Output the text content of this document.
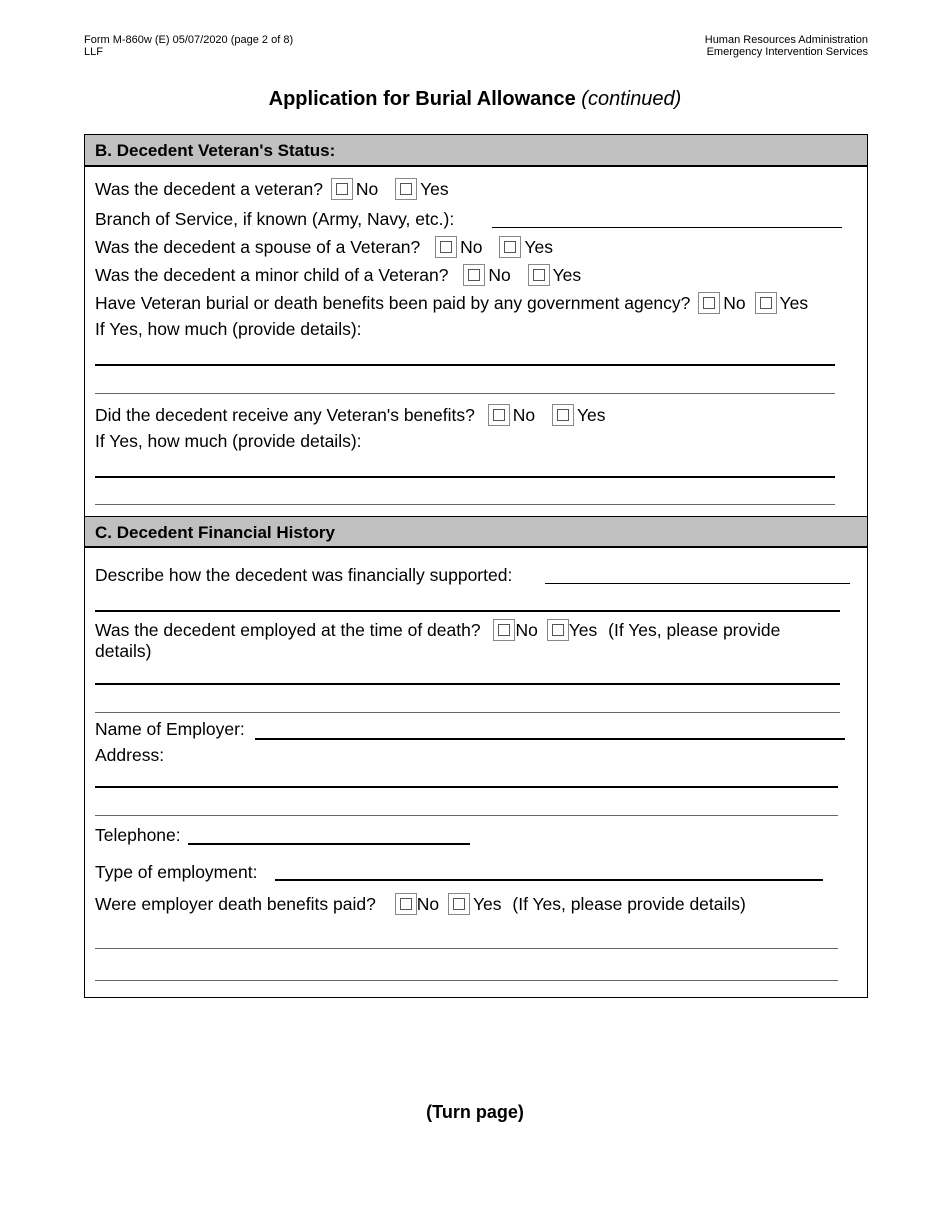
Form M-860w (E) 05/07/2020 (page 2 of 8)
LLF
Human Resources Administration
Emergency Intervention Services
Application for Burial Allowance (continued)
B. Decedent Veteran's Status:
Was the decedent a veteran? No Yes
Branch of Service, if known (Army, Navy, etc.):
Was the decedent a spouse of a Veteran? No Yes
Was the decedent a minor child of a Veteran? No Yes
Have Veteran burial or death benefits been paid by any government agency? No Yes
If Yes, how much (provide details):
Did the decedent receive any Veteran's benefits? No Yes
If Yes, how much (provide details):
C. Decedent Financial History
Describe how the decedent was financially supported:
Was the decedent employed at the time of death? No Yes (If Yes, please provide
details)
Name of Employer:
Address:
Telephone:
Type of employment:
Were employer death benefits paid? No Yes (If Yes, please provide details)
(Turn page)
